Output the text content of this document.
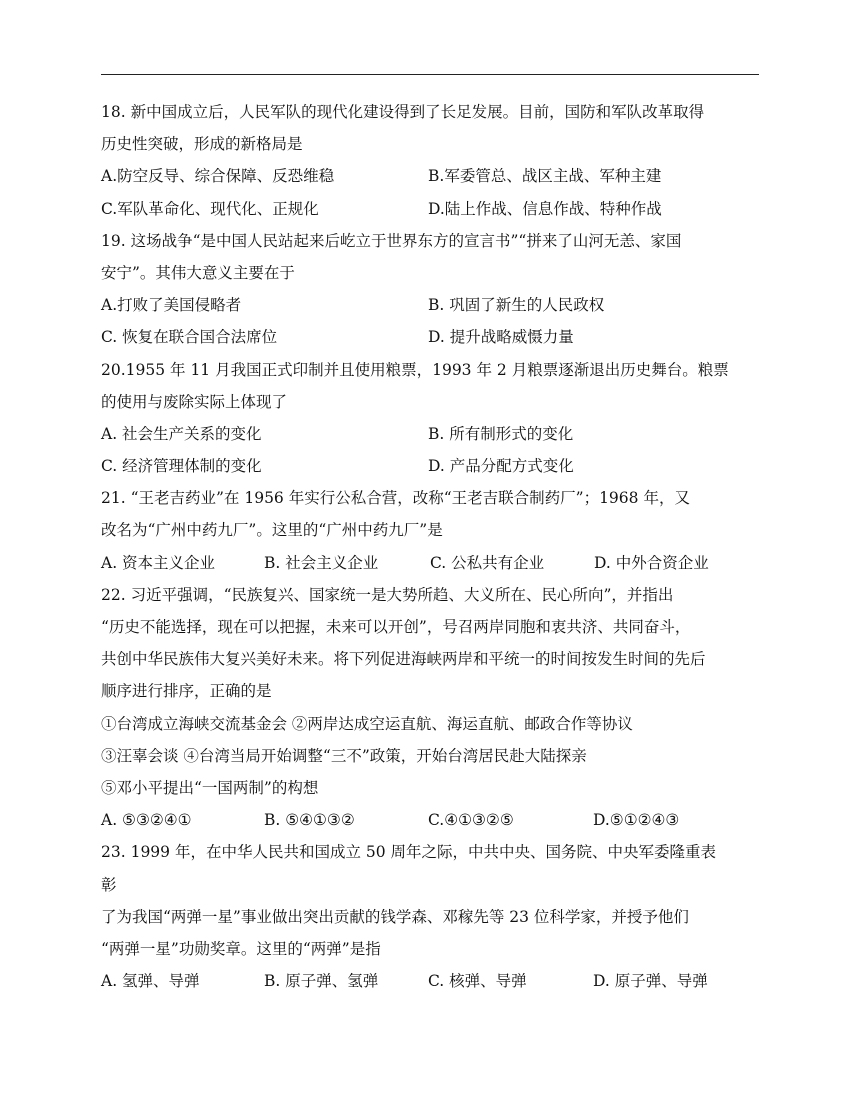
18. 新中国成立后，人民军队的现代化建设得到了长足发展。目前，国防和军队改革取得
历史性突破，形成的新格局是
A.防空反导、综合保障、反恐维稳	B.军委管总、战区主战、军种主建
C.军队革命化、现代化、正规化	D.陆上作战、信息作战、特种作战
19. 这场战争“是中国人民站起来后屹立于世界东方的宣言书”“拼来了山河无恙、家国
安宁”。其伟大意义主要在于
A.打败了美国侵略者	B. 巩固了新生的人民政权
C. 恢复在联合国合法席位	D. 提升战略威慑力量
20.1955 年 11 月我国正式印制并且使用粮票，1993 年 2 月粮票逐渐退出历史舞台。粮票
的使用与废除实际上体现了
A. 社会生产关系的变化	B. 所有制形式的变化
C. 经济管理体制的变化	D. 产品分配方式变化
21. “王老吉药业”在 1956 年实行公私合营，改称“王老吉联合制药厂”；1968 年，又
改名为“广州中药九厂”。这里的“广州中药九厂”是
A. 资本主义企业	B. 社会主义企业	C. 公私共有企业	D. 中外合资企业
22. 习近平强调，“民族复兴、国家统一是大势所趋、大义所在、民心所向”，并指出
“历史不能选择，现在可以把握，未来可以开创”，号召两岸同胞和衷共济、共同奋斗，
共创中华民族伟大复兴美好未来。将下列促进海峡两岸和平统一的时间按发生时间的先后
顺序进行排序，正确的是
①台湾成立海峡交流基金会 ②两岸达成空运直航、海运直航、邮政合作等协议
③汪辜会谈 ④台湾当局开始调整“三不”政策，开始台湾居民赴大陆探亲
⑤邓小平提出“一国两制”的构想
A. ⑤③②④①	B. ⑤④①③②	C.④①③②⑤	D.⑤①②④③
23. 1999 年，在中华人民共和国成立 50 周年之际，中共中央、国务院、中央军委隆重表
彰
了为我国“两弹一星”事业做出突出贡献的钱学森、邓稼先等 23 位科学家，并授予他们
“两弹一星”功勋奖章。这里的“两弹”是指
A. 氢弹、导弹	B. 原子弹、氢弹	C. 核弹、导弹	D. 原子弹、导弹
